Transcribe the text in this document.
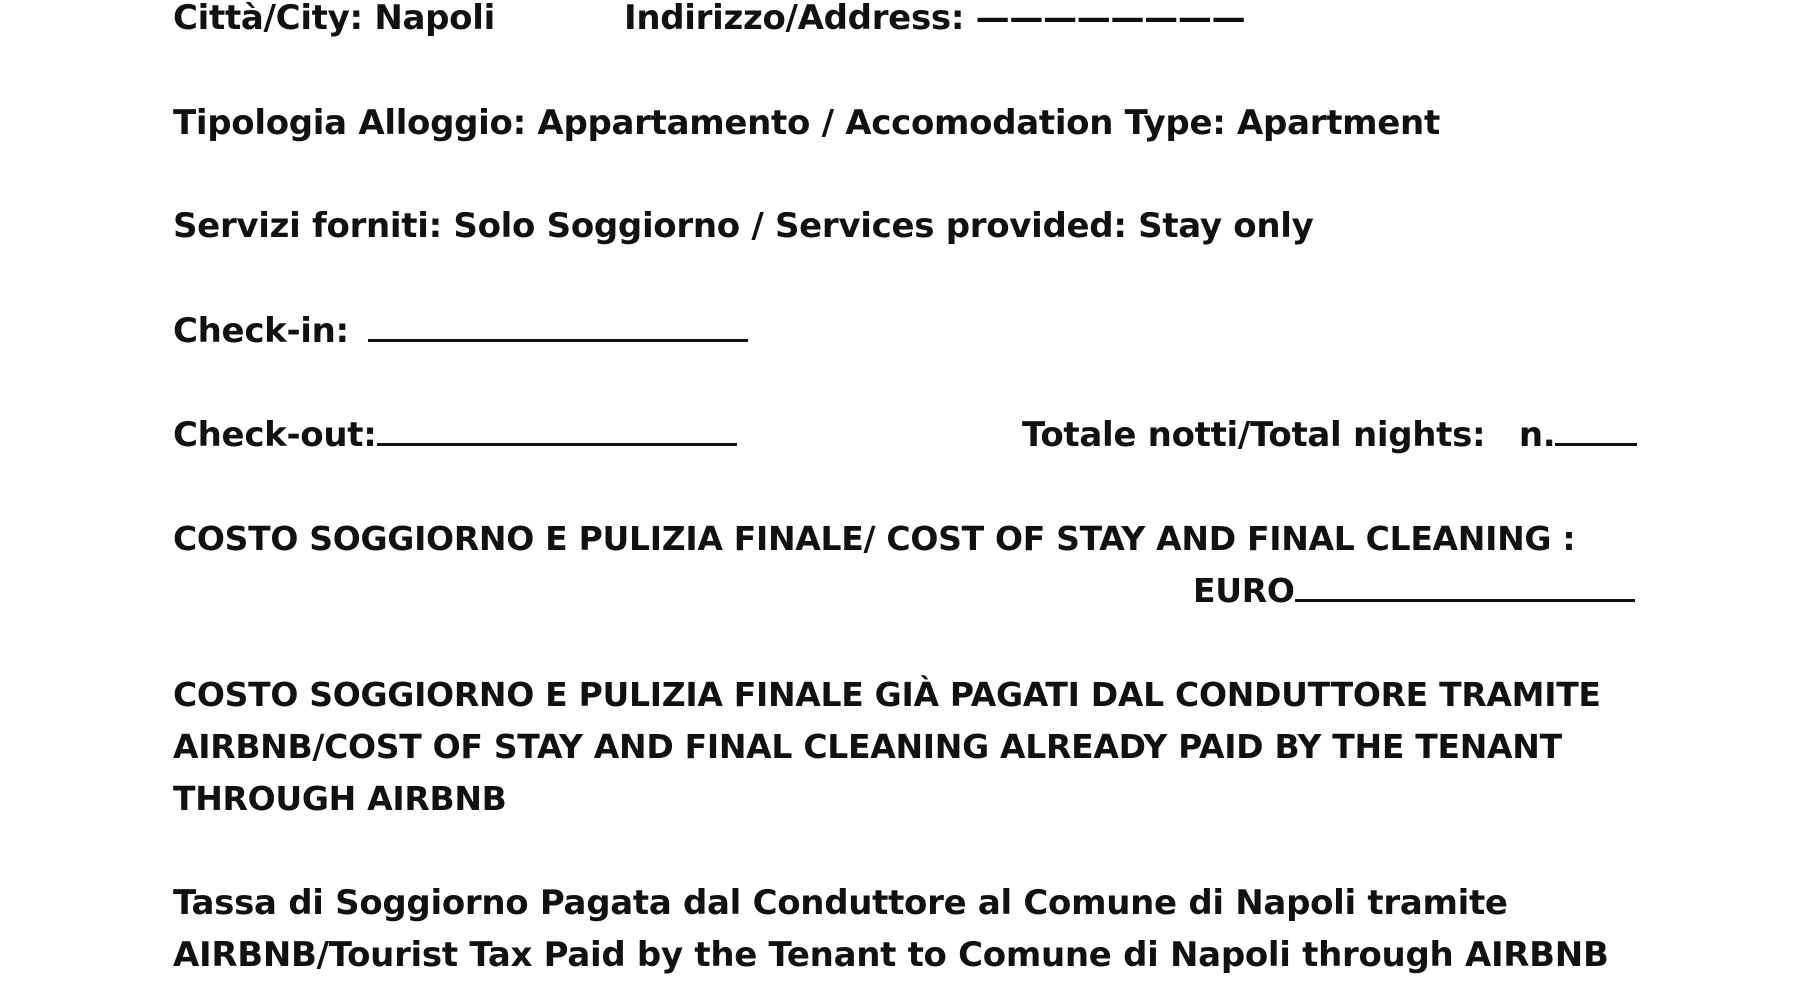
Città/City: Napoli	Indirizzo/Address: ————————
Tipologia Alloggio: Appartamento / Accomodation Type: Apartment
Servizi forniti: Solo Soggiorno / Services provided: Stay only
Check-in:
Check-out:	Totale notti/Total nights: n.
COSTO SOGGIORNO E PULIZIA FINALE/ COST OF STAY AND FINAL CLEANING :
EURO
COSTO SOGGIORNO E PULIZIA FINALE GIÀ PAGATI DAL CONDUTTORE TRAMITE
AIRBNB/COST OF STAY AND FINAL CLEANING ALREADY PAID BY THE TENANT
THROUGH AIRBNB
Tassa di Soggiorno Pagata dal Conduttore al Comune di Napoli tramite
AIRBNB/Tourist Tax Paid by the Tenant to Comune di Napoli through AIRBNB
